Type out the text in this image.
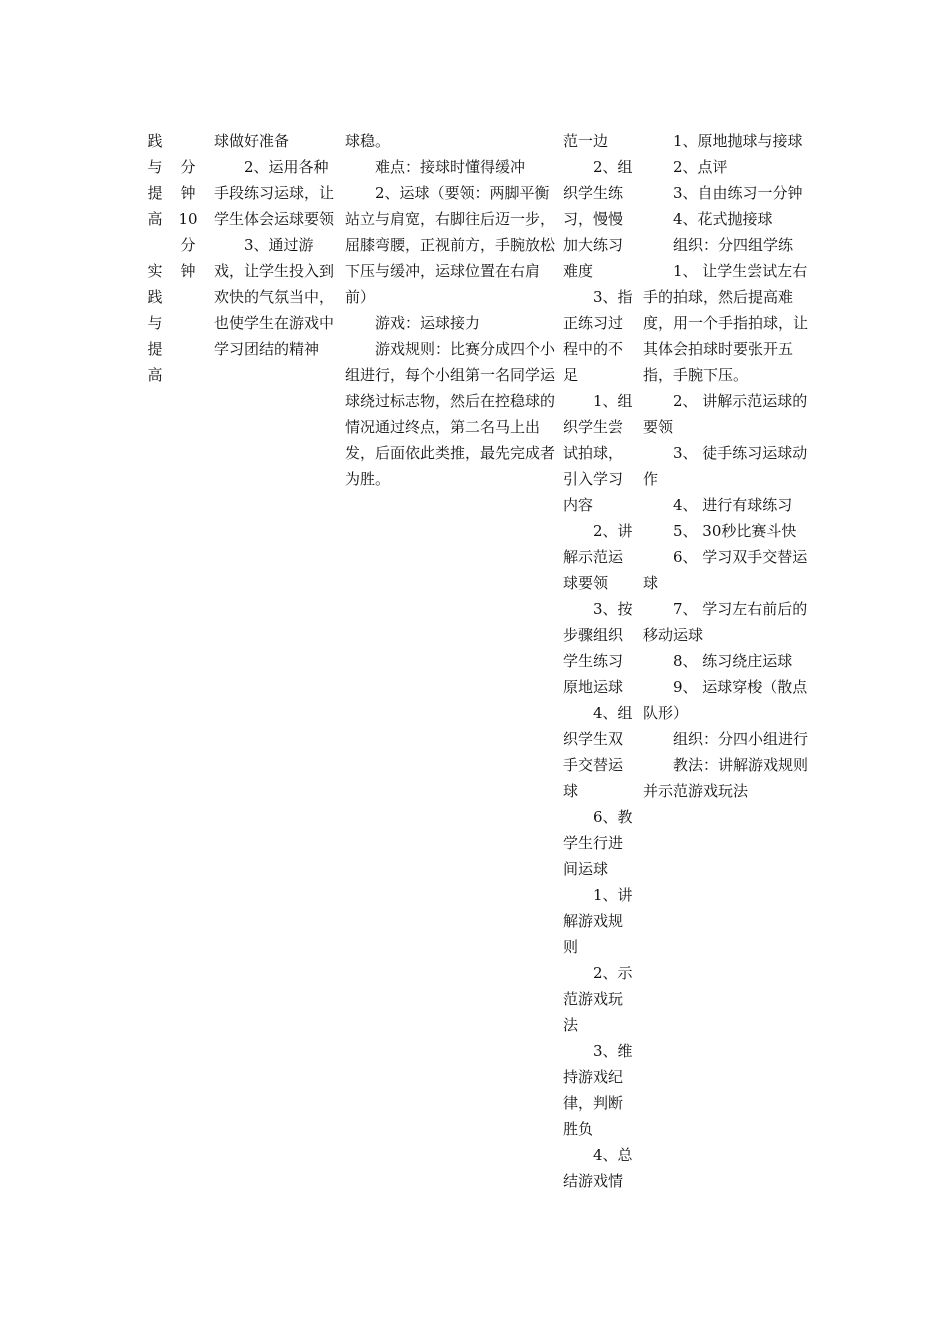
践
与
提
高
实
践
与
提
高
分
钟
10
分
钟

球做好准备

2、运用各种手段练习运球，让学生体会运球要领

3、通过游戏，让学生投入到欢快的气氛当中，也使学生在游戏中学习团结的精神

球稳。

难点：接球时懂得缓冲

2、运球（要领：两脚平衡站立与肩宽，右脚往后迈一步，屈膝弯腰，正视前方，手腕放松下压与缓冲，运球位置在右肩前）

游戏：运球接力

游戏规则：比赛分成四个小组进行，每个小组第一名同学运球绕过标志物，然后在控稳球的情况通过终点，第二名马上出发，后面依此类推，最先完成者为胜。

范一边

2、组织学生练习，慢慢加大练习难度

3、指正练习过程中的不足

1、组织学生尝试拍球，引入学习内容

2、讲解示范运球要领

3、按步骤组织学生练习原地运球

4、组织学生双手交替运球

6、教学生行进间运球

1、讲解游戏规则

2、示范游戏玩法

3、维持游戏纪律，判断胜负

4、总结游戏情

1、原地抛球与接球

2、点评

3、自由练习一分钟

4、花式抛接球

组织：分四组学练

1、 让学生尝试左右手的拍球，然后提高难度，用一个手指拍球，让其体会拍球时要张开五指，手腕下压。

2、 讲解示范运球的要领

3、 徒手练习运球动作

4、 进行有球练习

5、 30秒比赛斗快

6、 学习双手交替运球

7、 学习左右前后的移动运球

8、 练习绕庄运球

9、 运球穿梭（散点队形）

组织：分四小组进行

教法：讲解游戏规则并示范游戏玩法
